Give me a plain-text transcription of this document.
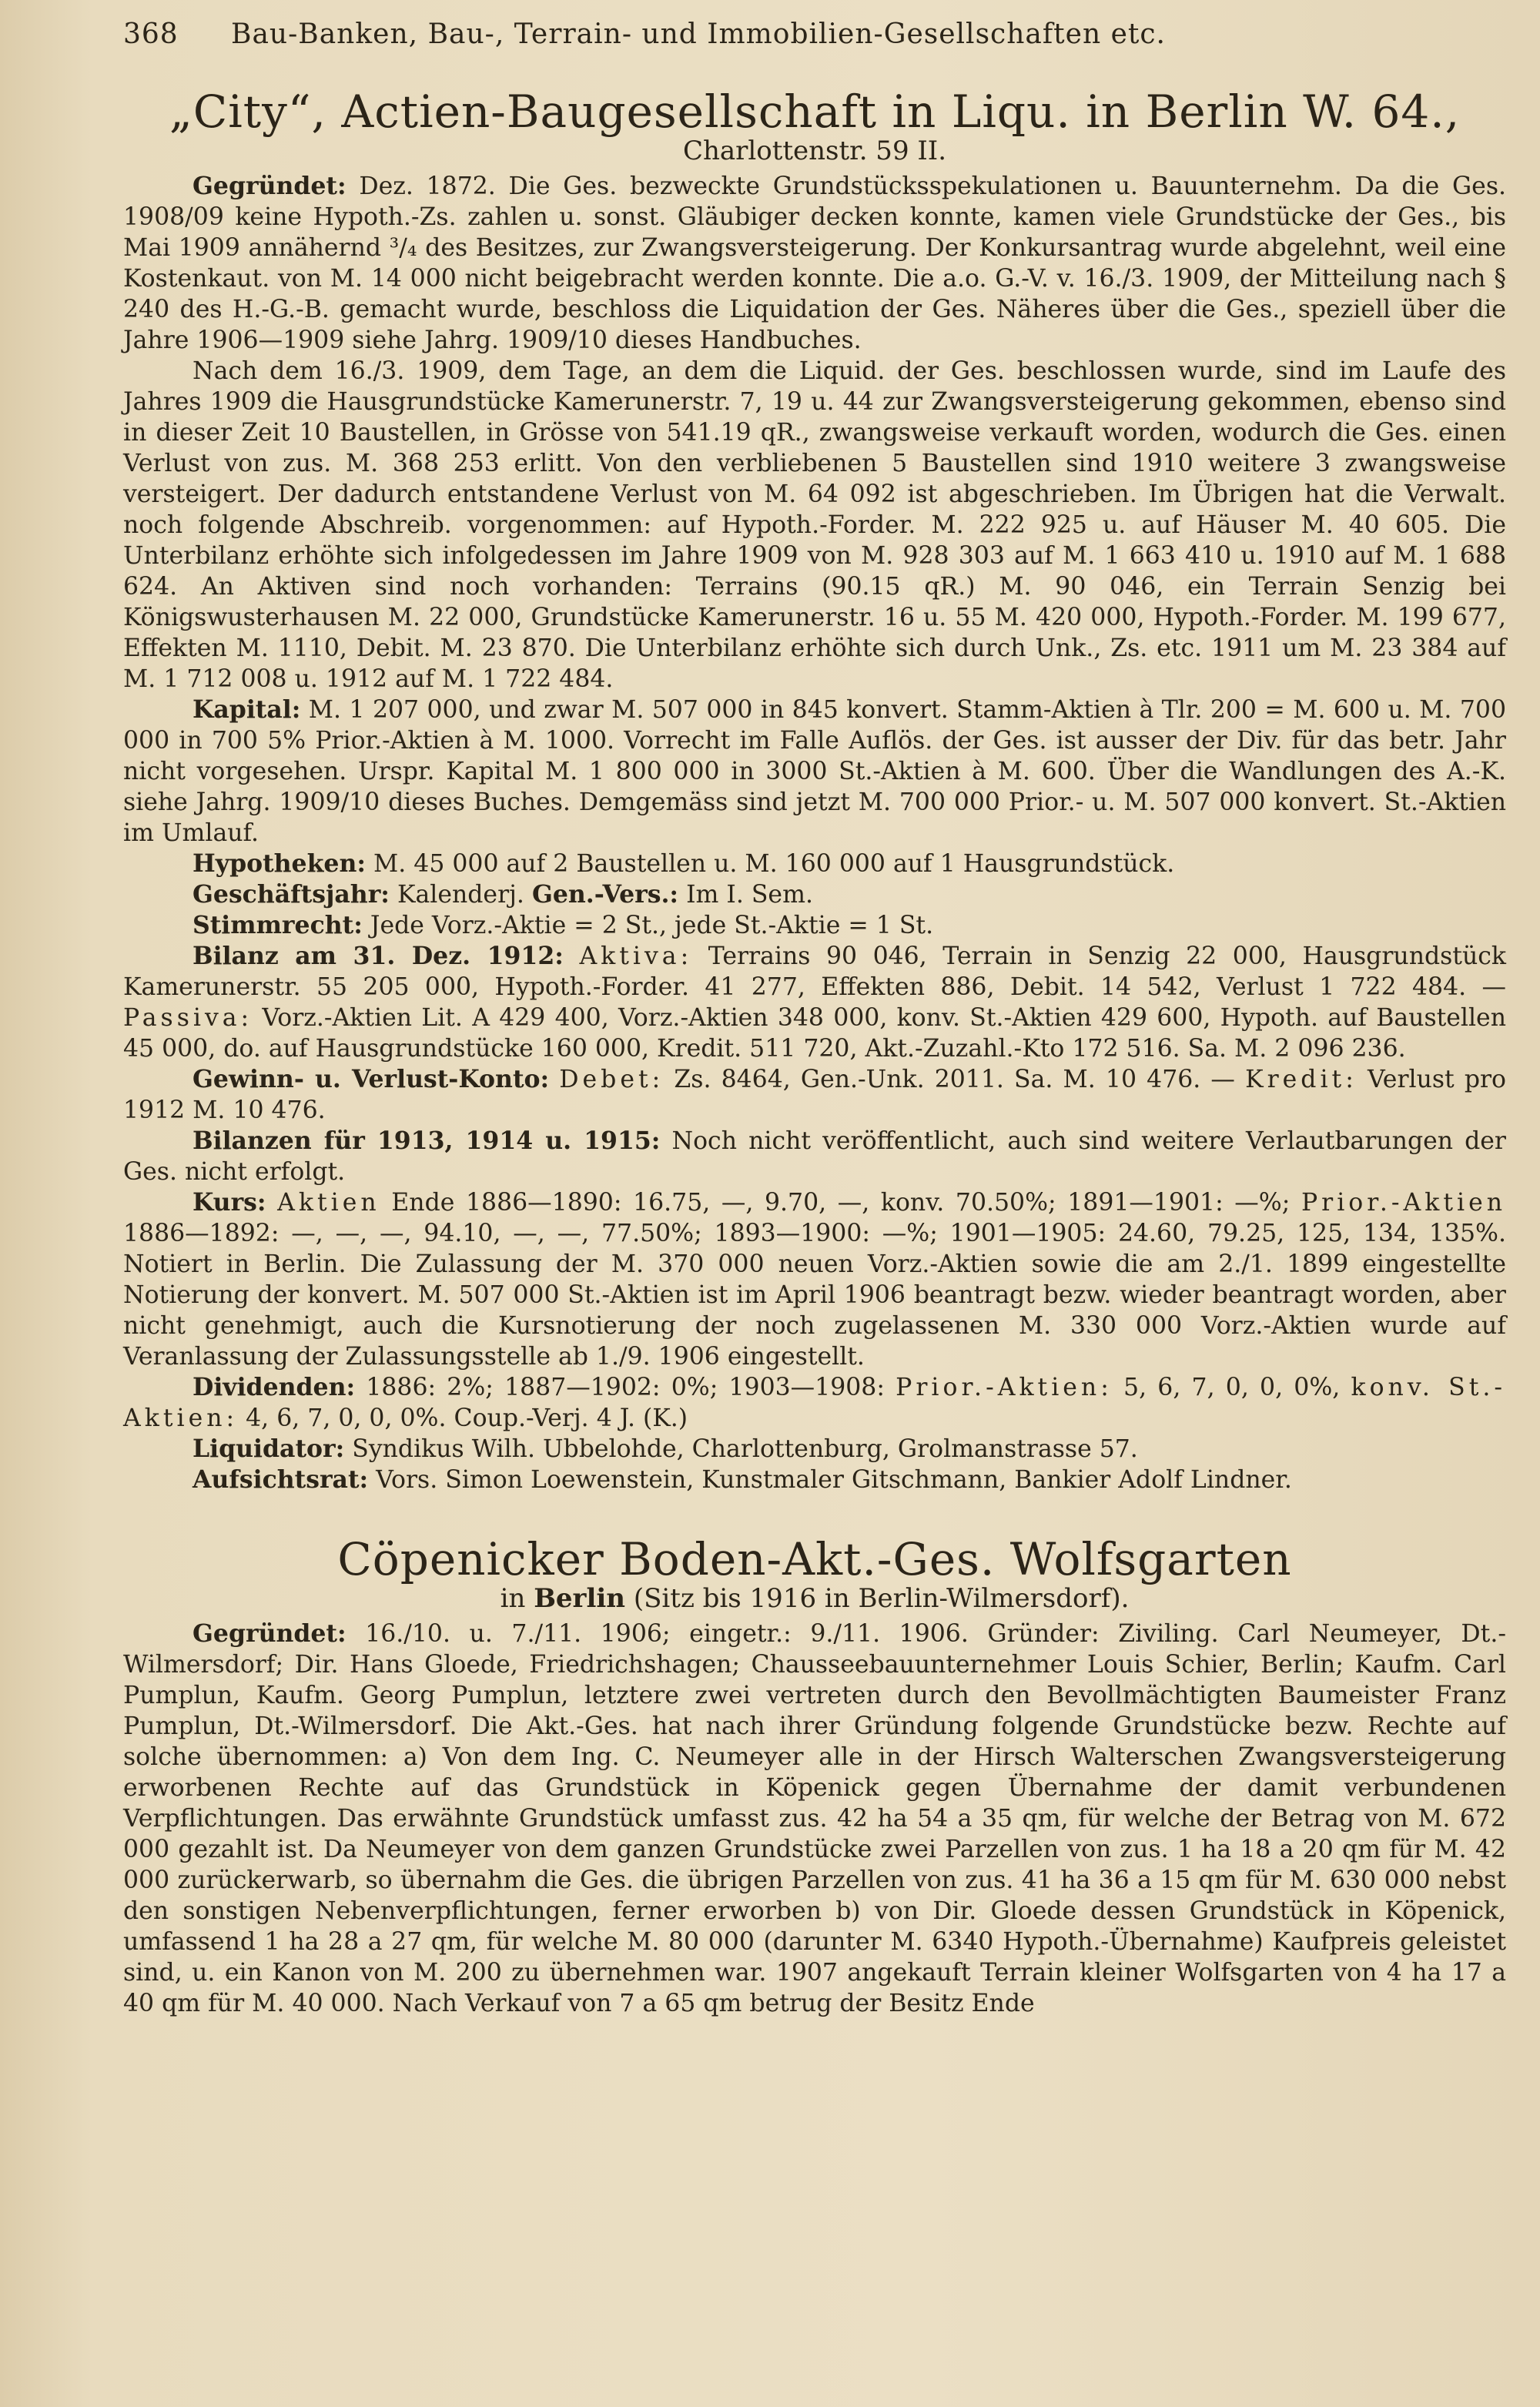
368	Bau-Banken, Bau-, Terrain- und Immobilien-Gesellschaften etc.
„City“, Actien-Baugesellschaft in Liqu. in Berlin W. 64.,
Charlottenstr. 59 II.

Gegründet: Dez. 1872. Die Ges. bezweckte Grundstücksspekulationen u. Bauunternehm. Da die Ges. 1908/09 keine Hypoth.-Zs. zahlen u. sonst. Gläubiger decken konnte, kamen viele Grundstücke der Ges., bis Mai 1909 annähernd ³/₄ des Besitzes, zur Zwangsversteigerung. Der Konkursantrag wurde abgelehnt, weil eine Kostenkaut. von M. 14 000 nicht beigebracht werden konnte. Die a.o. G.-V. v. 16./3. 1909, der Mitteilung nach § 240 des H.-G.-B. gemacht wurde, beschloss die Liquidation der Ges. Näheres über die Ges., speziell über die Jahre 1906—1909 siehe Jahrg. 1909/10 dieses Handbuches.

Nach dem 16./3. 1909, dem Tage, an dem die Liquid. der Ges. beschlossen wurde, sind im Laufe des Jahres 1909 die Hausgrundstücke Kamerunerstr. 7, 19 u. 44 zur Zwangsversteigerung gekommen, ebenso sind in dieser Zeit 10 Baustellen, in Grösse von 541.19 qR., zwangsweise verkauft worden, wodurch die Ges. einen Verlust von zus. M. 368 253 erlitt. Von den verbliebenen 5 Baustellen sind 1910 weitere 3 zwangsweise versteigert. Der dadurch entstandene Verlust von M. 64 092 ist abgeschrieben. Im Übrigen hat die Verwalt. noch folgende Abschreib. vorgenommen: auf Hypoth.-Forder. M. 222 925 u. auf Häuser M. 40 605. Die Unterbilanz erhöhte sich infolgedessen im Jahre 1909 von M. 928 303 auf M. 1 663 410 u. 1910 auf M. 1 688 624. An Aktiven sind noch vorhanden: Terrains (90.15 qR.) M. 90 046, ein Terrain Senzig bei Königswusterhausen M. 22 000, Grundstücke Kamerunerstr. 16 u. 55 M. 420 000, Hypoth.-Forder. M. 199 677, Effekten M. 1110, Debit. M. 23 870. Die Unterbilanz erhöhte sich durch Unk., Zs. etc. 1911 um M. 23 384 auf M. 1 712 008 u. 1912 auf M. 1 722 484.

Kapital: M. 1 207 000, und zwar M. 507 000 in 845 konvert. Stamm-Aktien à Tlr. 200 = M. 600 u. M. 700 000 in 700 5% Prior.-Aktien à M. 1000. Vorrecht im Falle Auflös. der Ges. ist ausser der Div. für das betr. Jahr nicht vorgesehen. Urspr. Kapital M. 1 800 000 in 3000 St.-Aktien à M. 600. Über die Wandlungen des A.-K. siehe Jahrg. 1909/10 dieses Buches. Demgemäss sind jetzt M. 700 000 Prior.- u. M. 507 000 konvert. St.-Aktien im Umlauf.

Hypotheken: M. 45 000 auf 2 Baustellen u. M. 160 000 auf 1 Hausgrundstück.

Geschäftsjahr: Kalenderj. Gen.-Vers.: Im I. Sem.

Stimmrecht: Jede Vorz.-Aktie = 2 St., jede St.-Aktie = 1 St.

Bilanz am 31. Dez. 1912: Aktiva: Terrains 90 046, Terrain in Senzig 22 000, Hausgrundstück Kamerunerstr. 55 205 000, Hypoth.-Forder. 41 277, Effekten 886, Debit. 14 542, Verlust 1 722 484. — Passiva: Vorz.-Aktien Lit. A 429 400, Vorz.-Aktien 348 000, konv. St.-Aktien 429 600, Hypoth. auf Baustellen 45 000, do. auf Hausgrundstücke 160 000, Kredit. 511 720, Akt.-Zuzahl.-Kto 172 516. Sa. M. 2 096 236.

Gewinn- u. Verlust-Konto: Debet: Zs. 8464, Gen.-Unk. 2011. Sa. M. 10 476. — Kredit: Verlust pro 1912 M. 10 476.

Bilanzen für 1913, 1914 u. 1915: Noch nicht veröffentlicht, auch sind weitere Verlautbarungen der Ges. nicht erfolgt.

Kurs: Aktien Ende 1886—1890: 16.75, —, 9.70, —, konv. 70.50%; 1891—1901: —%; Prior.-Aktien 1886—1892: —, —, —, 94.10, —, —, 77.50%; 1893—1900: —%; 1901—1905: 24.60, 79.25, 125, 134, 135%. Notiert in Berlin. Die Zulassung der M. 370 000 neuen Vorz.-Aktien sowie die am 2./1. 1899 eingestellte Notierung der konvert. M. 507 000 St.-Aktien ist im April 1906 beantragt bezw. wieder beantragt worden, aber nicht genehmigt, auch die Kursnotierung der noch zugelassenen M. 330 000 Vorz.-Aktien wurde auf Veranlassung der Zulassungsstelle ab 1./9. 1906 eingestellt.

Dividenden: 1886: 2%; 1887—1902: 0%; 1903—1908: Prior.-Aktien: 5, 6, 7, 0, 0, 0%, konv. St.-Aktien: 4, 6, 7, 0, 0, 0%. Coup.-Verj. 4 J. (K.)

Liquidator: Syndikus Wilh. Ubbelohde, Charlottenburg, Grolmanstrasse 57.

Aufsichtsrat: Vors. Simon Loewenstein, Kunstmaler Gitschmann, Bankier Adolf Lindner.

Cöpenicker Boden-Akt.-Ges. Wolfsgarten
in Berlin (Sitz bis 1916 in Berlin-Wilmersdorf).

Gegründet: 16./10. u. 7./11. 1906; eingetr.: 9./11. 1906. Gründer: Ziviling. Carl Neumeyer, Dt.-Wilmersdorf; Dir. Hans Gloede, Friedrichshagen; Chausseebauunternehmer Louis Schier, Berlin; Kaufm. Carl Pumplun, Kaufm. Georg Pumplun, letztere zwei vertreten durch den Bevollmächtigten Baumeister Franz Pumplun, Dt.-Wilmersdorf. Die Akt.-Ges. hat nach ihrer Gründung folgende Grundstücke bezw. Rechte auf solche übernommen: a) Von dem Ing. C. Neumeyer alle in der Hirsch Walterschen Zwangsversteigerung erworbenen Rechte auf das Grundstück in Köpenick gegen Übernahme der damit verbundenen Verpflichtungen. Das erwähnte Grundstück umfasst zus. 42 ha 54 a 35 qm, für welche der Betrag von M. 672 000 gezahlt ist. Da Neumeyer von dem ganzen Grundstücke zwei Parzellen von zus. 1 ha 18 a 20 qm für M. 42 000 zurückerwarb, so übernahm die Ges. die übrigen Parzellen von zus. 41 ha 36 a 15 qm für M. 630 000 nebst den sonstigen Nebenverpflichtungen, ferner erworben b) von Dir. Gloede dessen Grundstück in Köpenick, umfassend 1 ha 28 a 27 qm, für welche M. 80 000 (darunter M. 6340 Hypoth.-Übernahme) Kaufpreis geleistet sind, u. ein Kanon von M. 200 zu übernehmen war. 1907 angekauft Terrain kleiner Wolfsgarten von 4 ha 17 a 40 qm für M. 40 000. Nach Verkauf von 7 a 65 qm betrug der Besitz Ende
